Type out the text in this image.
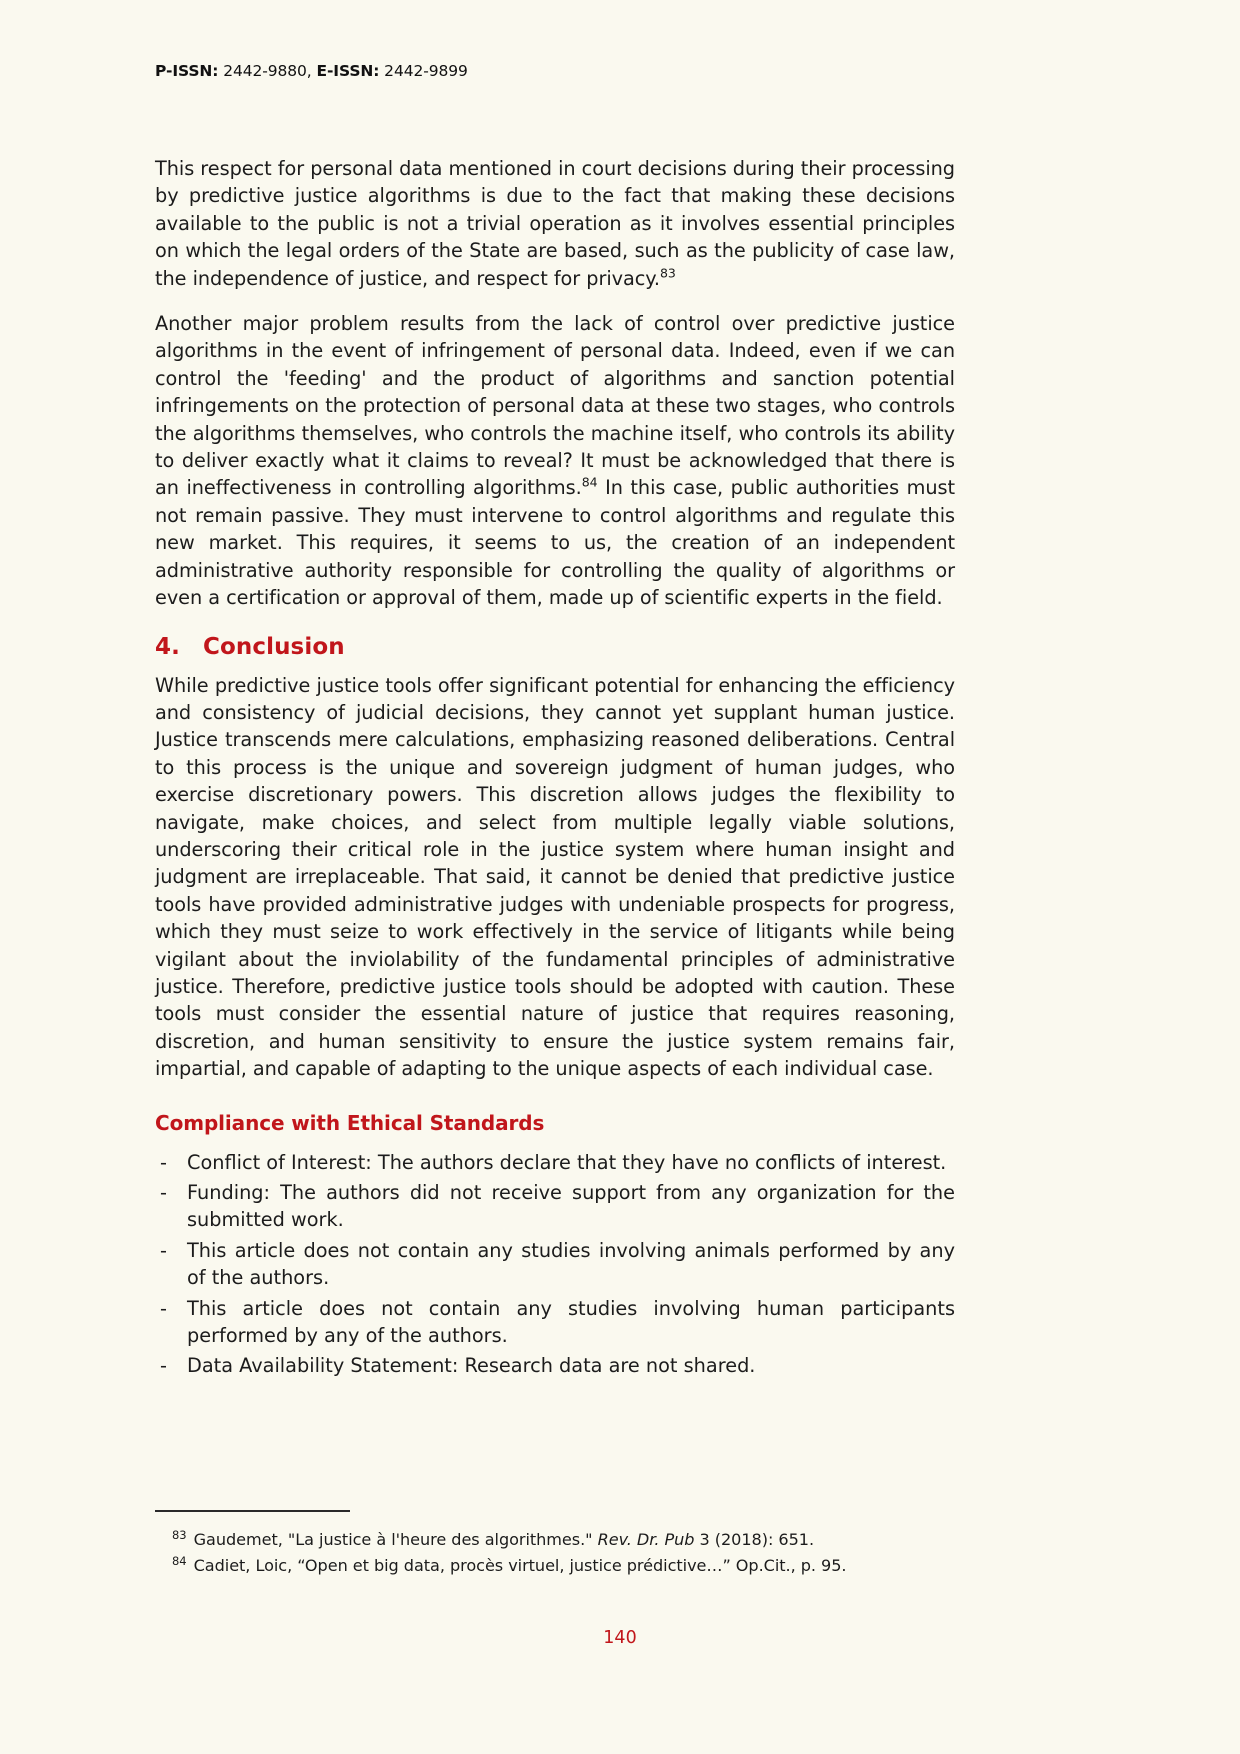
P-ISSN: 2442-9880, E-ISSN: 2442-9899

This respect for personal data mentioned in court decisions during their processing by predictive justice algorithms is due to the fact that making these decisions available to the public is not a trivial operation as it involves essential principles on which the legal orders of the State are based, such as the publicity of case law, the independence of justice, and respect for privacy.$^{83}$

Another major problem results from the lack of control over predictive justice algorithms in the event of infringement of personal data. Indeed, even if we can control the 'feeding' and the product of algorithms and sanction potential infringements on the protection of personal data at these two stages, who controls the algorithms themselves, who controls the machine itself, who controls its ability to deliver exactly what it claims to reveal? It must be acknowledged that there is an ineffectiveness in controlling algorithms.$^{84}$ In this case, public authorities must not remain passive. They must intervene to control algorithms and regulate this new market. This requires, it seems to us, the creation of an independent administrative authority responsible for controlling the quality of algorithms or even a certification or approval of them, made up of scientific experts in the field.

4.	Conclusion

While predictive justice tools offer significant potential for enhancing the efficiency and consistency of judicial decisions, they cannot yet supplant human justice. Justice transcends mere calculations, emphasizing reasoned deliberations. Central to this process is the unique and sovereign judgment of human judges, who exercise discretionary powers. This discretion allows judges the flexibility to navigate, make choices, and select from multiple legally viable solutions, underscoring their critical role in the justice system where human insight and judgment are irreplaceable. That said, it cannot be denied that predictive justice tools have provided administrative judges with undeniable prospects for progress, which they must seize to work effectively in the service of litigants while being vigilant about the inviolability of the fundamental principles of administrative justice. Therefore, predictive justice tools should be adopted with caution. These tools must consider the essential nature of justice that requires reasoning, discretion, and human sensitivity to ensure the justice system remains fair, impartial, and capable of adapting to the unique aspects of each individual case.

Compliance with Ethical Standards
- Conflict of Interest: The authors declare that they have no conflicts of interest.
- Funding: The authors did not receive support from any organization for the submitted work.
- This article does not contain any studies involving animals performed by any of the authors.
- This article does not contain any studies involving human participants performed by any of the authors.
- Data Availability Statement: Research data are not shared.
$^{83}$ Gaudemet, "La justice à l'heure des algorithmes." Rev. Dr. Pub 3 (2018): 651.
$^{84}$ Cadiet, Loic, “Open et big data, procès virtuel, justice prédictive…” Op.Cit., p. 95.
140
